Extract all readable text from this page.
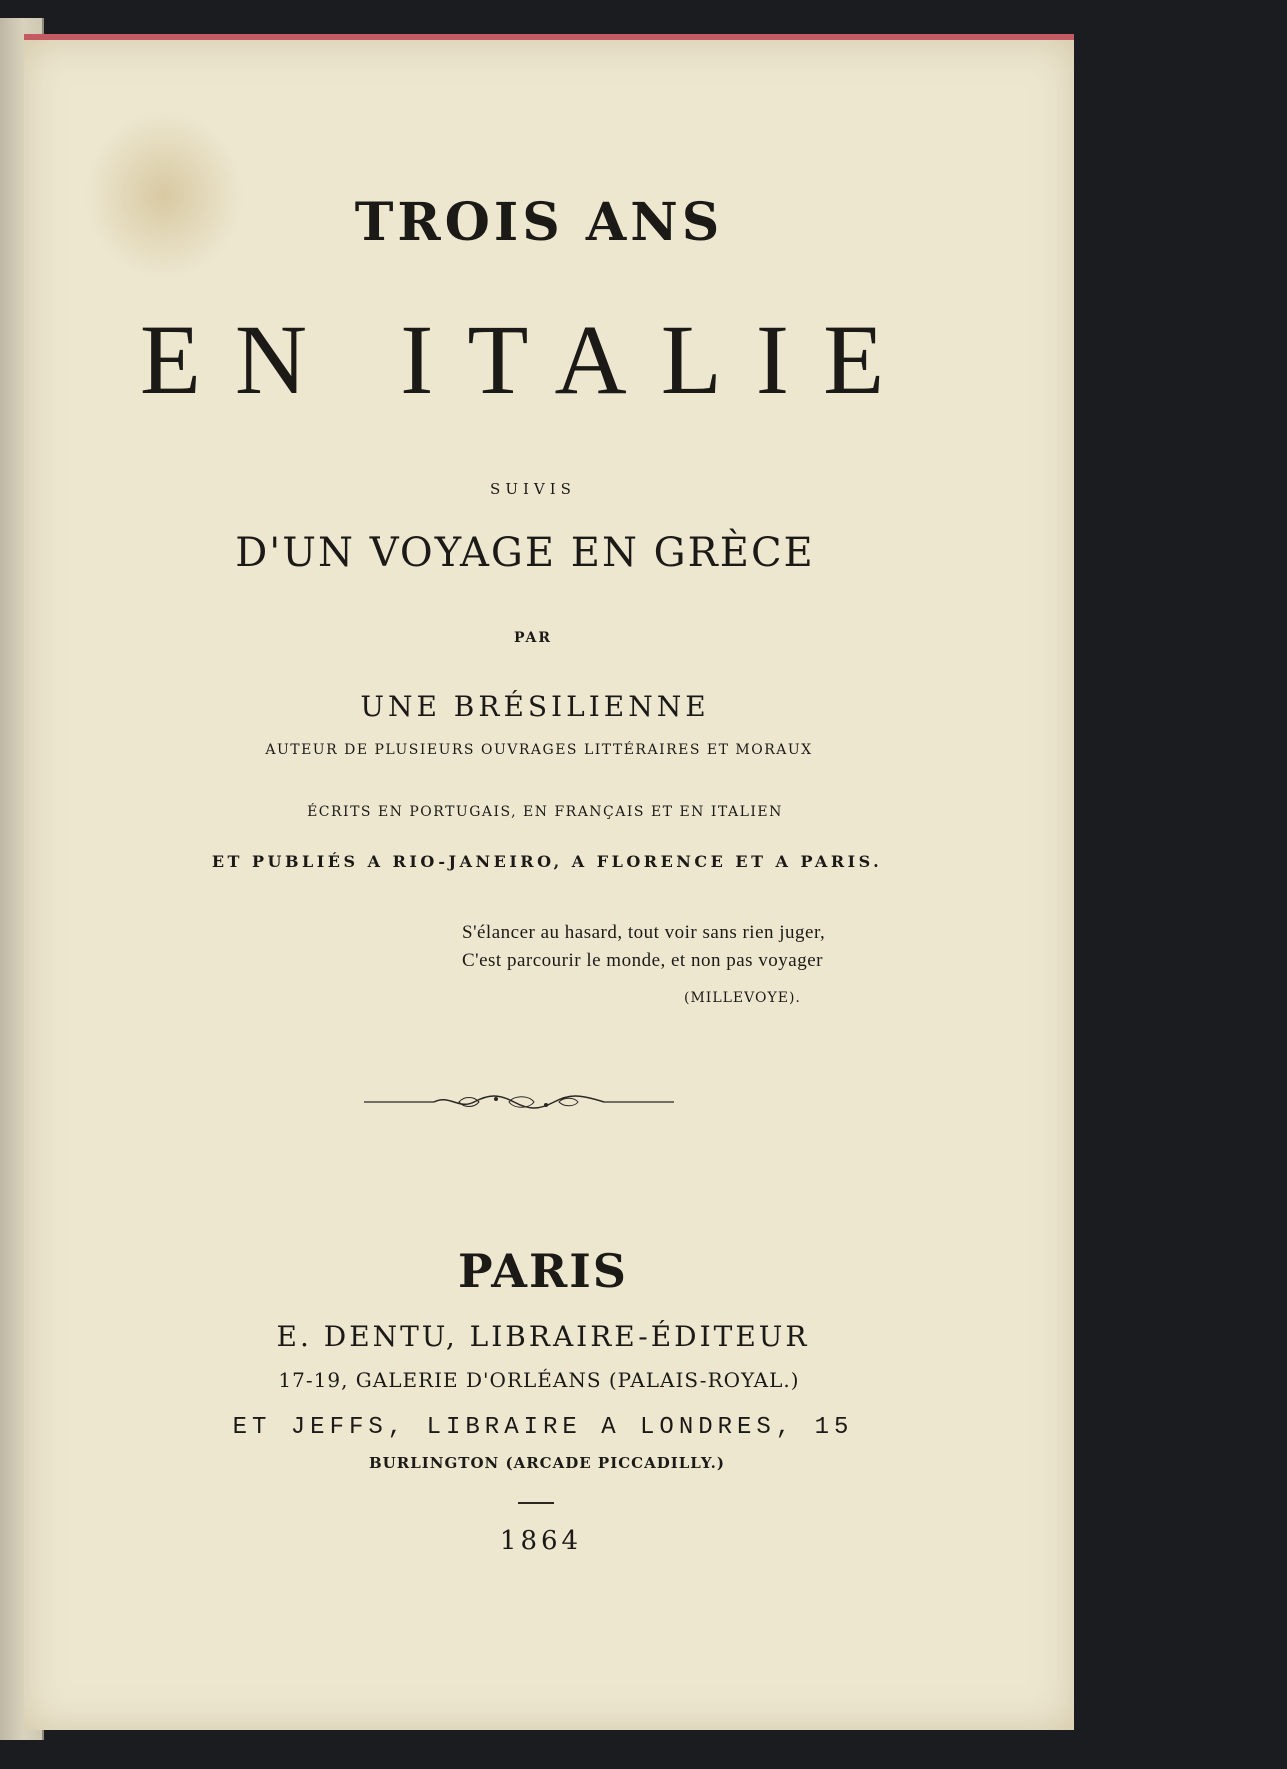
TROIS ANS
EN ITALIE
SUIVIS
D'UN VOYAGE EN GRÈCE
PAR
UNE BRÉSILIENNE
AUTEUR DE PLUSIEURS OUVRAGES LITTÉRAIRES ET MORAUX
ÉCRITS EN PORTUGAIS, EN FRANÇAIS ET EN ITALIEN
ET PUBLIÉS A RIO-JANEIRO, A FLORENCE ET A PARIS.
S'élancer au hasard, tout voir sans rien juger,
C'est parcourir le monde, et non pas voyager
(MILLEVOYE).
PARIS
E. DENTU, LIBRAIRE-ÉDITEUR
17-19, GALERIE D'ORLÉANS (PALAIS-ROYAL.)
ET JEFFS, LIBRAIRE A LONDRES, 15
BURLINGTON (ARCADE PICCADILLY.)
1864
